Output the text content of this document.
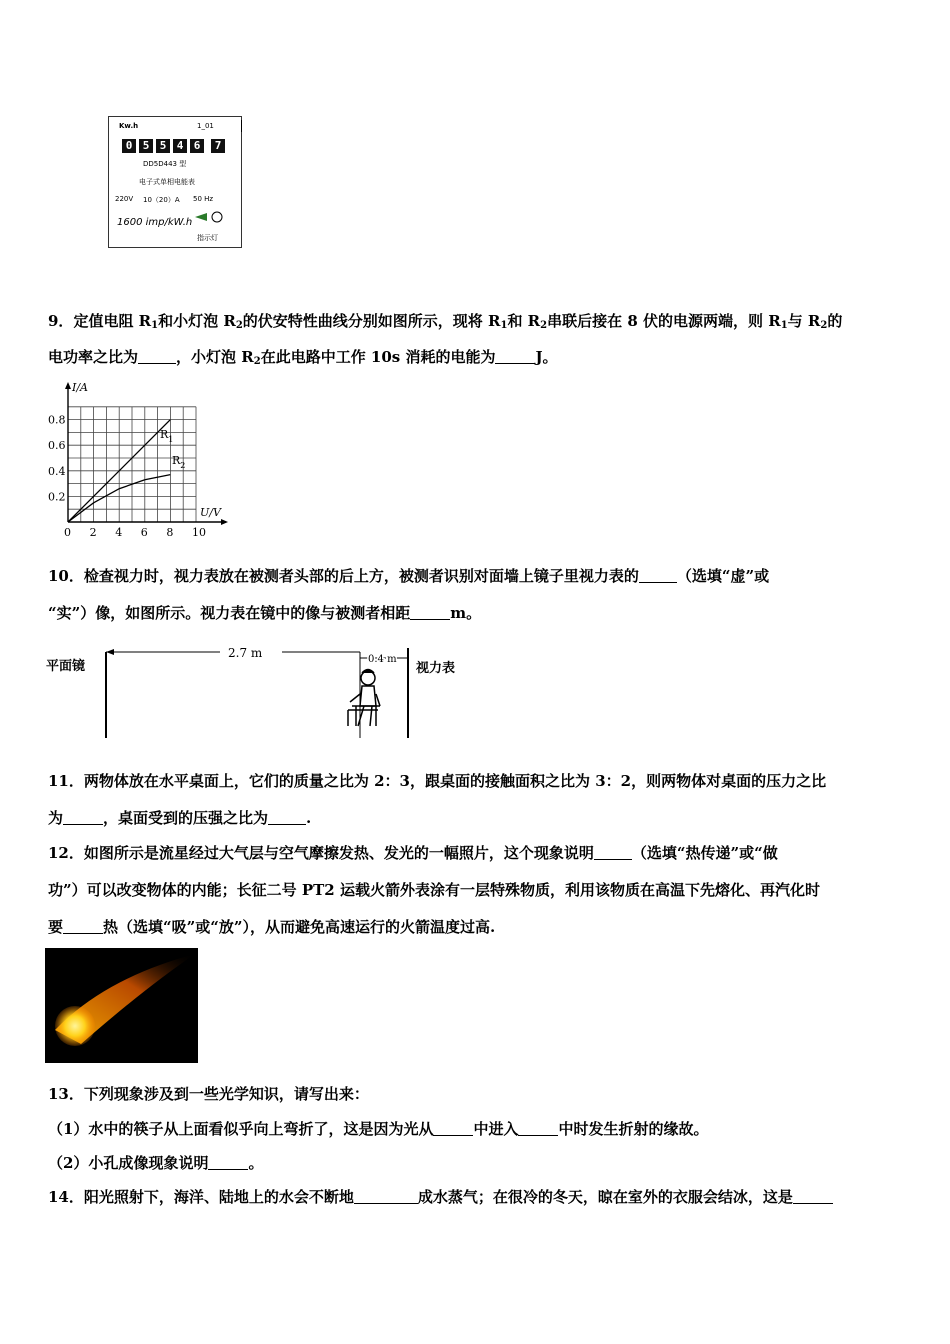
Kw.h	1_01
0 5 5 4 6	7
DD5D443 型
电子式单相电能表
220V 10（20）A 50 Hz
1600 imp/kW.h
指示灯
9．定值电阻 $R_1$和小灯泡 $R_2$的伏安特性曲线分别如图所示，现将 $R_1$和 $R_2$串联后接在 8 伏的电源两端，则 $R_1$与 $R_2$的
电功率之比为	，小灯泡 $R_2$在此电路中工作 10s 消耗的电能为	J。
0.8
0.6
0.4
0.2
0 2 4 6 8 10
I/A
U/V
$R_1$
$R_2$
10．检查视力时，视力表放在被测者头部的后上方，被测者识别对面墙上镜子里视力表的	（选填“虚”或
“实”）像，如图所示。视力表在镜中的像与被测者相距	m。
平面镜
2.7 m	0.4 m
视力表
11．两物体放在水平桌面上，它们的质量之比为 2：3，跟桌面的接触面积之比为 3：2，则两物体对桌面的压力之比
为	，桌面受到的压强之比为	.
12．如图所示是流星经过大气层与空气摩擦发热、发光的一幅照片，这个现象说明	（选填“热传递”或“做
功”）可以改变物体的内能；长征二号 PT2 运载火箭外表涂有一层特殊物质，利用该物质在高温下先熔化、再汽化时
要	热（选填“吸”或“放”），从而避免高速运行的火箭温度过高.
13．下列现象涉及到一些光学知识，请写出来：
（1）水中的筷子从上面看似乎向上弯折了，这是因为光从	中进入	中时发生折射的缘故。
（2）小孔成像现象说明	。
14．阳光照射下，海洋、陆地上的水会不断地	成水蒸气；在很冷的冬天，晾在室外的衣服会结冰，这是
